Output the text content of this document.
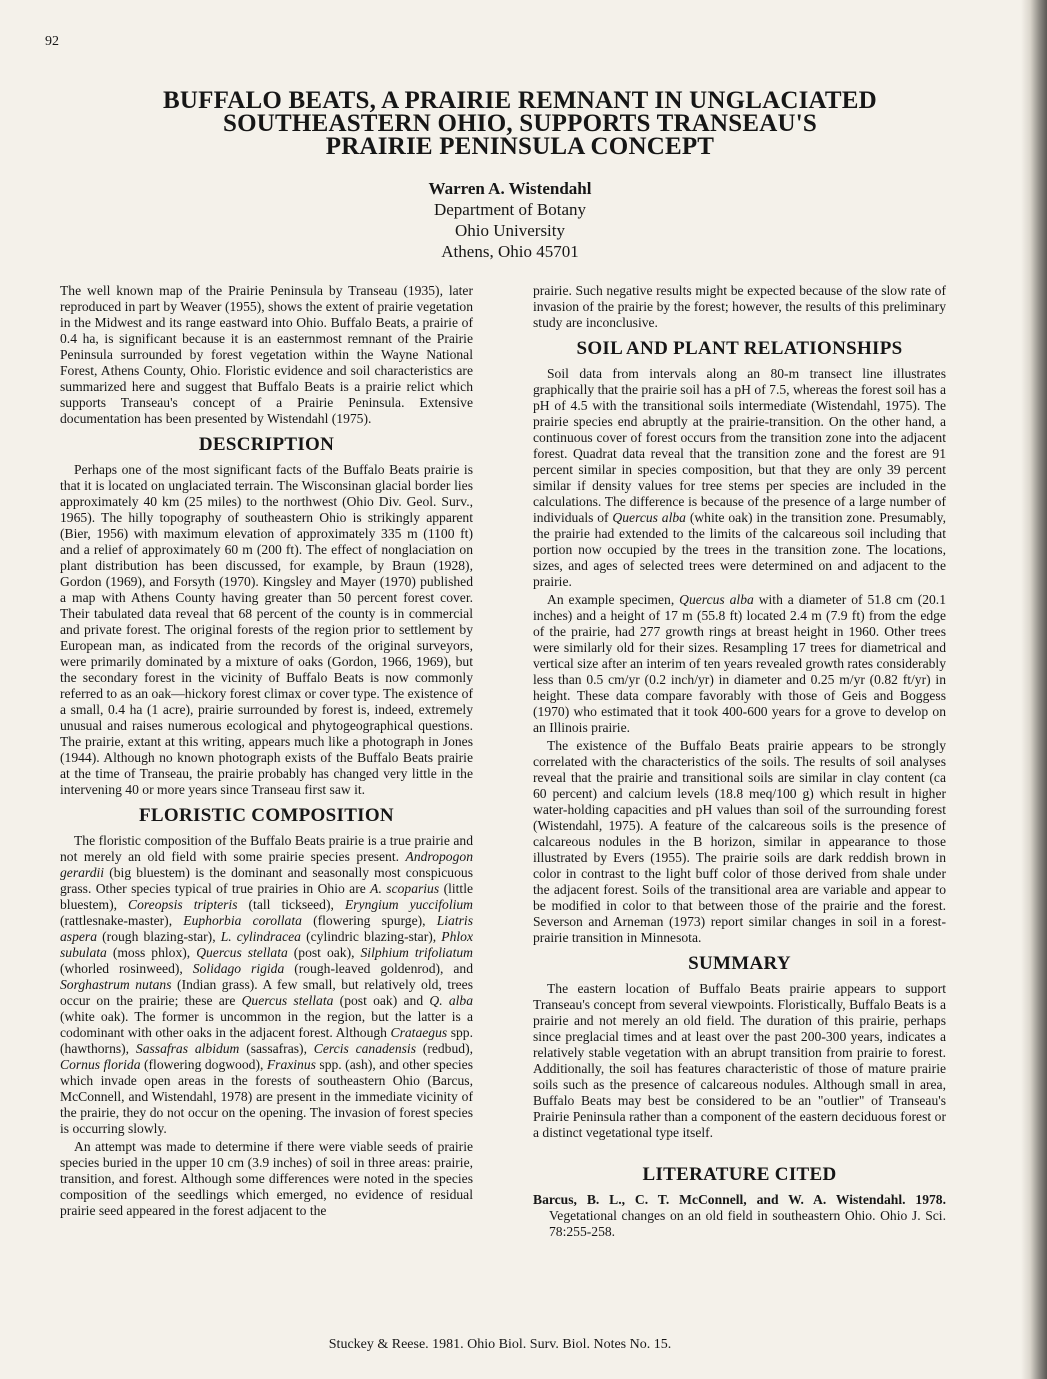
92
BUFFALO BEATS, A PRAIRIE REMNANT IN UNGLACIATED
SOUTHEASTERN OHIO, SUPPORTS TRANSEAU'S
PRAIRIE PENINSULA CONCEPT
Warren A. Wistendahl
Department of Botany
Ohio University
Athens, Ohio 45701

The well known map of the Prairie Peninsula by Transeau (1935), later reproduced in part by Weaver (1955), shows the extent of prairie vegetation in the Midwest and its range eastward into Ohio. Buffalo Beats, a prairie of 0.4 ha, is significant because it is an easternmost remnant of the Prairie Peninsula surrounded by forest vegetation within the Wayne National Forest, Athens County, Ohio. Floristic evidence and soil characteristics are summarized here and suggest that Buffalo Beats is a prairie relict which supports Transeau's concept of a Prairie Peninsula. Extensive documentation has been presented by Wistendahl (1975).

DESCRIPTION

Perhaps one of the most significant facts of the Buffalo Beats prairie is that it is located on unglaciated terrain. The Wisconsinan glacial border lies approximately 40 km (25 miles) to the northwest (Ohio Div. Geol. Surv., 1965). The hilly topography of southeastern Ohio is strikingly apparent (Bier, 1956) with maximum elevation of approximately 335 m (1100 ft) and a relief of approximately 60 m (200 ft). The effect of nonglaciation on plant distribution has been discussed, for example, by Braun (1928), Gordon (1969), and Forsyth (1970). Kingsley and Mayer (1970) published a map with Athens County having greater than 50 percent forest cover. Their tabulated data reveal that 68 percent of the county is in commercial and private forest. The original forests of the region prior to settlement by European man, as indicated from the records of the original surveyors, were primarily dominated by a mixture of oaks (Gordon, 1966, 1969), but the secondary forest in the vicinity of Buffalo Beats is now commonly referred to as an oak—hickory forest climax or cover type. The existence of a small, 0.4 ha (1 acre), prairie surrounded by forest is, indeed, extremely unusual and raises numerous ecological and phytogeographical questions. The prairie, extant at this writing, appears much like a photograph in Jones (1944). Although no known photograph exists of the Buffalo Beats prairie at the time of Transeau, the prairie probably has changed very little in the intervening 40 or more years since Transeau first saw it.

FLORISTIC COMPOSITION

The floristic composition of the Buffalo Beats prairie is a true prairie and not merely an old field with some prairie species present. Andropogon gerardii (big bluestem) is the dominant and seasonally most conspicuous grass. Other species typical of true prairies in Ohio are A. scoparius (little bluestem), Coreopsis tripteris (tall tickseed), Eryngium yuccifolium (rattlesnake-master), Euphorbia corollata (flowering spurge), Liatris aspera (rough blazing-star), L. cylindracea (cylindric blazing-star), Phlox subulata (moss phlox), Quercus stellata (post oak), Silphium trifoliatum (whorled rosinweed), Solidago rigida (rough-leaved goldenrod), and Sorghastrum nutans (Indian grass). A few small, but relatively old, trees occur on the prairie; these are Quercus stellata (post oak) and Q. alba (white oak). The former is uncommon in the region, but the latter is a codominant with other oaks in the adjacent forest. Although Crataegus spp. (hawthorns), Sassafras albidum (sassafras), Cercis canadensis (redbud), Cornus florida (flowering dogwood), Fraxinus spp. (ash), and other species which invade open areas in the forests of southeastern Ohio (Barcus, McConnell, and Wistendahl, 1978) are present in the immediate vicinity of the prairie, they do not occur on the opening. The invasion of forest species is occurring slowly.

An attempt was made to determine if there were viable seeds of prairie species buried in the upper 10 cm (3.9 inches) of soil in three areas: prairie, transition, and forest. Although some differences were noted in the species composition of the seedlings which emerged, no evidence of residual prairie seed appeared in the forest adjacent to the

prairie. Such negative results might be expected because of the slow rate of invasion of the prairie by the forest; however, the results of this preliminary study are inconclusive.

SOIL AND PLANT RELATIONSHIPS

Soil data from intervals along an 80-m transect line illustrates graphically that the prairie soil has a pH of 7.5, whereas the forest soil has a pH of 4.5 with the transitional soils intermediate (Wistendahl, 1975). The prairie species end abruptly at the prairie-transition. On the other hand, a continuous cover of forest occurs from the transition zone into the adjacent forest. Quadrat data reveal that the transition zone and the forest are 91 percent similar in species composition, but that they are only 39 percent similar if density values for tree stems per species are included in the calculations. The difference is because of the presence of a large number of individuals of Quercus alba (white oak) in the transition zone. Presumably, the prairie had extended to the limits of the calcareous soil including that portion now occupied by the trees in the transition zone. The locations, sizes, and ages of selected trees were determined on and adjacent to the prairie.

An example specimen, Quercus alba with a diameter of 51.8 cm (20.1 inches) and a height of 17 m (55.8 ft) located 2.4 m (7.9 ft) from the edge of the prairie, had 277 growth rings at breast height in 1960. Other trees were similarly old for their sizes. Resampling 17 trees for diametrical and vertical size after an interim of ten years revealed growth rates considerably less than 0.5 cm/yr (0.2 inch/yr) in diameter and 0.25 m/yr (0.82 ft/yr) in height. These data compare favorably with those of Geis and Boggess (1970) who estimated that it took 400-600 years for a grove to develop on an Illinois prairie.

The existence of the Buffalo Beats prairie appears to be strongly correlated with the characteristics of the soils. The results of soil analyses reveal that the prairie and transitional soils are similar in clay content (ca 60 percent) and calcium levels (18.8 meq/100 g) which result in higher water-holding capacities and pH values than soil of the surrounding forest (Wistendahl, 1975). A feature of the calcareous soils is the presence of calcareous nodules in the B horizon, similar in appearance to those illustrated by Evers (1955). The prairie soils are dark reddish brown in color in contrast to the light buff color of those derived from shale under the adjacent forest. Soils of the transitional area are variable and appear to be modified in color to that between those of the prairie and the forest. Severson and Arneman (1973) report similar changes in soil in a forest-prairie transition in Minnesota.

SUMMARY

The eastern location of Buffalo Beats prairie appears to support Transeau's concept from several viewpoints. Floristically, Buffalo Beats is a prairie and not merely an old field. The duration of this prairie, perhaps since preglacial times and at least over the past 200-300 years, indicates a relatively stable vegetation with an abrupt transition from prairie to forest. Additionally, the soil has features characteristic of those of mature prairie soils such as the presence of calcareous nodules. Although small in area, Buffalo Beats may best be considered to be an "outlier" of Transeau's Prairie Peninsula rather than a component of the eastern deciduous forest or a distinct vegetational type itself.

LITERATURE CITED

Barcus, B. L., C. T. McConnell, and W. A. Wistendahl. 1978. Vegetational changes on an old field in southeastern Ohio. Ohio J. Sci. 78:255-258.

Stuckey & Reese. 1981. Ohio Biol. Surv. Biol. Notes No. 15.
